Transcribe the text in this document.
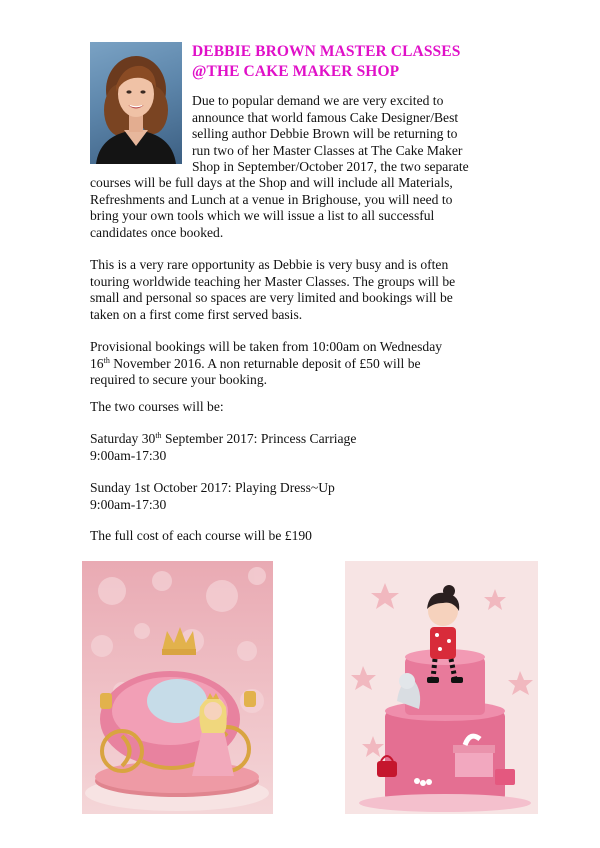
DEBBIE BROWN MASTER CLASSES
@THE CAKE MAKER SHOP

Due to popular demand we are very excited to
announce that world famous Cake Designer/Best
selling author Debbie Brown will be returning to
run two of her Master Classes at The Cake Maker
Shop in September/October 2017, the two separate

courses will be full days at the Shop and will include all Materials,
Refreshments and Lunch at a venue in Brighouse, you will need to
bring your own tools which we will issue a list to all successful
candidates once booked.

This is a very rare opportunity as Debbie is very busy and is often
touring worldwide teaching her Master Classes. The groups will be
small and personal so spaces are very limited and bookings will be
taken on a first come first served basis.

Provisional bookings will be taken from 10:00am on Wednesday
16th November 2016. A non returnable deposit of £50 will be
required to secure your booking.

The two courses will be:

Saturday 30th September 2017: Princess Carriage
9:00am-17:30

Sunday 1st October 2017: Playing Dress~Up
9:00am-17:30

The full cost of each course will be £190
